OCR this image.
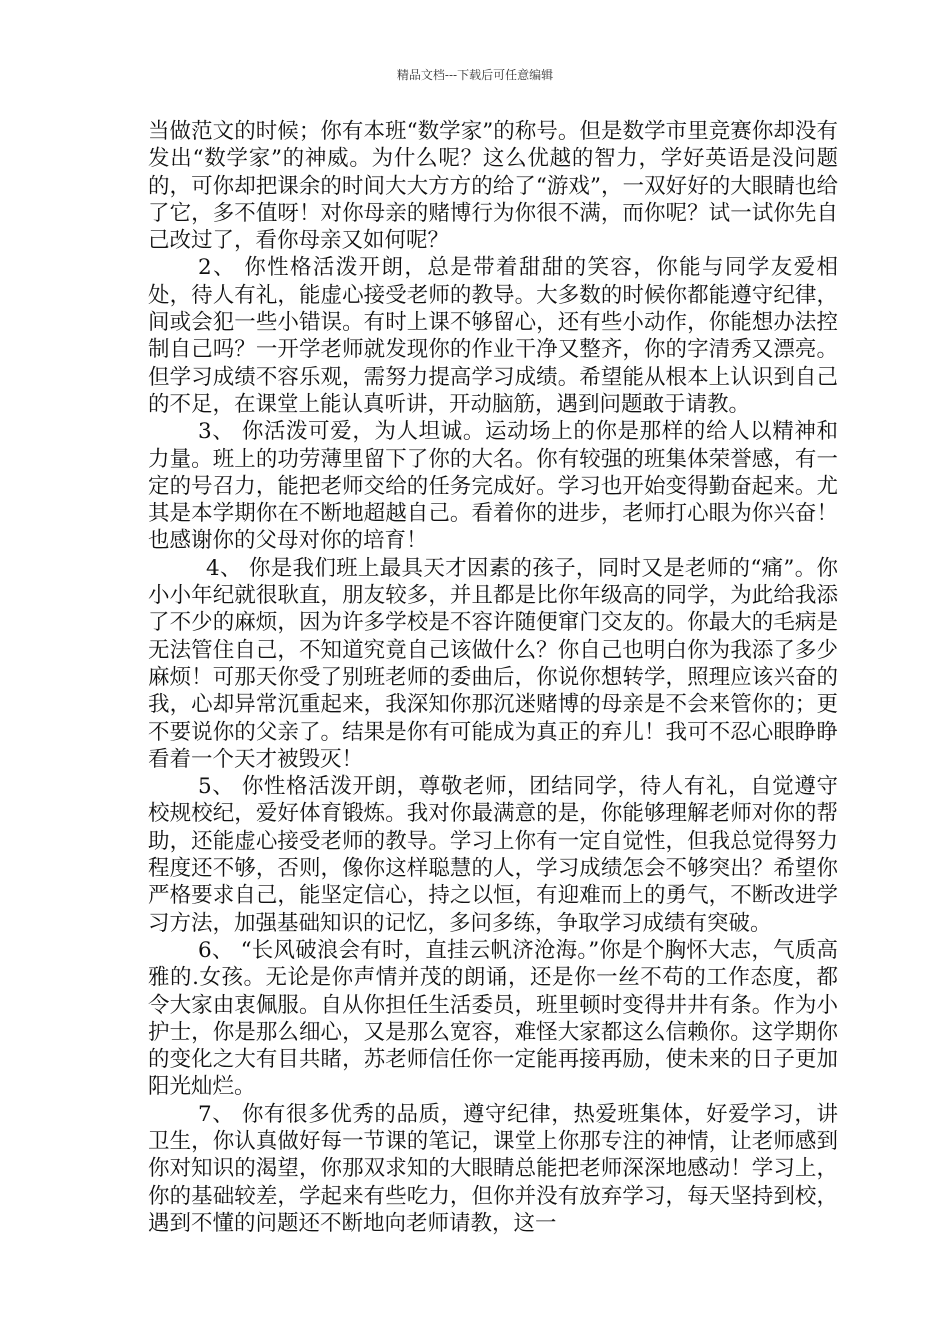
精品文档---下载后可任意编辑

当做范文的时候；你有本班“数学家”的称号。但是数学市里竞赛你却没有发出“数学家”的神威。为什么呢？这么优越的智力，学好英语是没问题的，可你却把课余的时间大大方方的给了“游戏”，一双好好的大眼睛也给了它，多不值呀！对你母亲的赌博行为你很不满，而你呢？试一试你先自己改过了，看你母亲又如何呢？

2、 你性格活泼开朗，总是带着甜甜的笑容，你能与同学友爱相处，待人有礼，能虚心接受老师的教导。大多数的时候你都能遵守纪律，间或会犯一些小错误。有时上课不够留心，还有些小动作，你能想办法控制自己吗？一开学老师就发现你的作业干净又整齐，你的字清秀又漂亮。但学习成绩不容乐观，需努力提高学习成绩。希望能从根本上认识到自己的不足，在课堂上能认真听讲，开动脑筋，遇到问题敢于请教。

3、 你活泼可爱，为人坦诚。运动场上的你是那样的给人以精神和力量。班上的功劳薄里留下了你的大名。你有较强的班集体荣誉感，有一定的号召力，能把老师交给的任务完成好。学习也开始变得勤奋起来。尤其是本学期你在不断地超越自己。看着你的进步，老师打心眼为你兴奋！也感谢你的父母对你的培育！

4、 你是我们班上最具天才因素的孩子，同时又是老师的“痛”。你小小年纪就很耿直，朋友较多，并且都是比你年级高的同学，为此给我添了不少的麻烦，因为许多学校是不容许随便窜门交友的。你最大的毛病是无法管住自己，不知道究竟自己该做什么？你自己也明白你为我添了多少麻烦！可那天你受了别班老师的委曲后，你说你想转学，照理应该兴奋的我，心却异常沉重起来，我深知你那沉迷赌博的母亲是不会来管你的；更不要说你的父亲了。结果是你有可能成为真正的弃儿！我可不忍心眼睁睁看着一个天才被毁灭！

5、 你性格活泼开朗，尊敬老师，团结同学，待人有礼，自觉遵守校规校纪，爱好体育锻炼。我对你最满意的是，你能够理解老师对你的帮助，还能虚心接受老师的教导。学习上你有一定自觉性，但我总觉得努力程度还不够，否则，像你这样聪慧的人，学习成绩怎会不够突出？希望你严格要求自己，能坚定信心，持之以恒，有迎难而上的勇气，不断改进学习方法，加强基础知识的记忆，多问多练，争取学习成绩有突破。

6、 “长风破浪会有时，直挂云帆济沧海。”你是个胸怀大志，气质高雅的.女孩。无论是你声情并茂的朗诵，还是你一丝不苟的工作态度，都令大家由衷佩服。自从你担任生活委员，班里顿时变得井井有条。作为小护士，你是那么细心，又是那么宽容，难怪大家都这么信赖你。这学期你的变化之大有目共睹，苏老师信任你一定能再接再励，使未来的日子更加阳光灿烂。

7、 你有很多优秀的品质，遵守纪律，热爱班集体，好爱学习，讲卫生，你认真做好每一节课的笔记，课堂上你那专注的神情，让老师感到你对知识的渴望，你那双求知的大眼睛总能把老师深深地感动！学习上，你的基础较差，学起来有些吃力，但你并没有放弃学习，每天坚持到校，遇到不懂的问题还不断地向老师请教，这一
